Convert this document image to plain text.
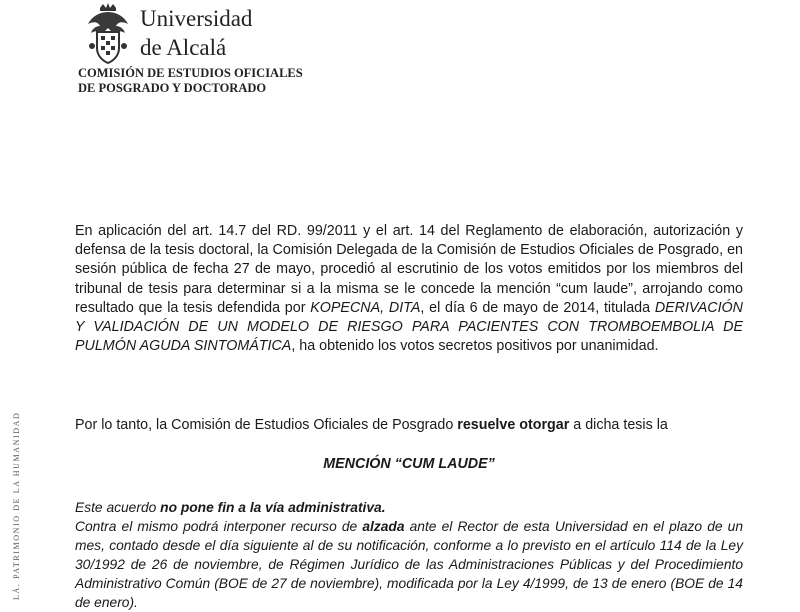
Universidad
de Alcalá
COMISIÓN DE ESTUDIOS OFICIALES
DE POSGRADO Y DOCTORADO
LÁ. PATRIMONIO DE LA HUMANIDAD
En aplicación del art. 14.7 del RD. 99/2011 y el art. 14 del Reglamento de elaboración, autorización y defensa de la tesis doctoral, la Comisión Delegada de la Comisión de Estudios Oficiales de Posgrado, en sesión pública de fecha 27 de mayo, procedió al escrutinio de los votos emitidos por los miembros del tribunal de tesis para determinar si a la misma se le concede la mención “cum laude”, arrojando como resultado que la tesis defendida por KOPECNA, DITA, el día 6 de mayo de 2014, titulada DERIVACIÓN Y VALIDACIÓN DE UN MODELO DE RIESGO PARA PACIENTES CON TROMBOEMBOLIA DE PULMÓN AGUDA SINTOMÁTICA, ha obtenido los votos secretos positivos por unanimidad.
Por lo tanto, la Comisión de Estudios Oficiales de Posgrado resuelve otorgar a dicha tesis la
MENCIÓN “CUM LAUDE”
Este acuerdo no pone fin a la vía administrativa.
Contra el mismo podrá interponer recurso de alzada ante el Rector de esta Universidad en el plazo de un mes, contado desde el día siguiente al de su notificación, conforme a lo previsto en el artículo 114 de la Ley 30/1992 de 26 de noviembre, de Régimen Jurídico de las Administraciones Públicas y del Procedimiento Administrativo Común (BOE de 27 de noviembre), modificada por la Ley 4/1999, de 13 de enero (BOE de 14 de enero).
